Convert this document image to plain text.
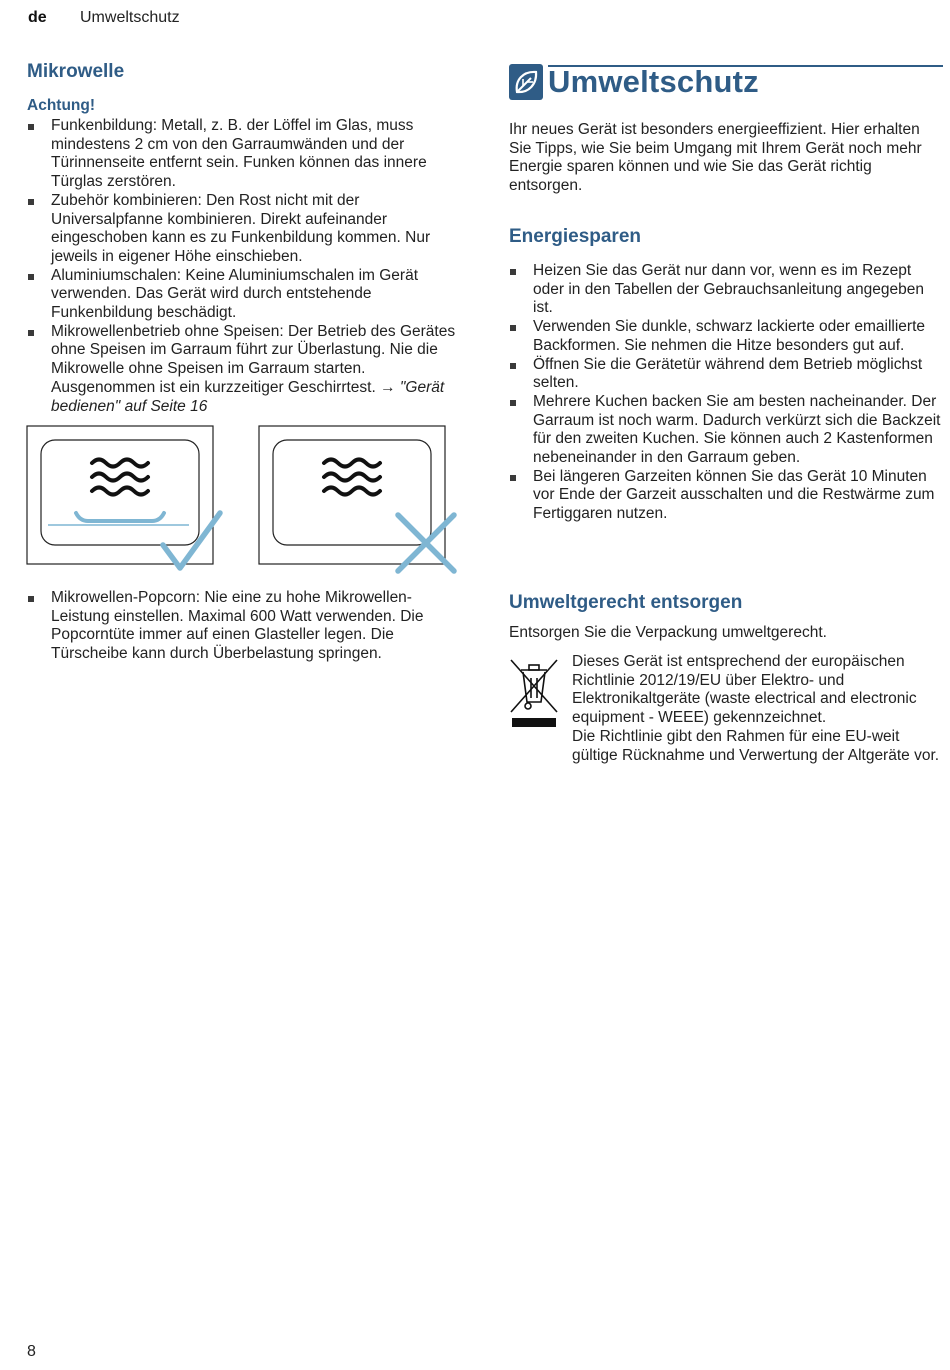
de Umweltschutz
Mikrowelle
Achtung!
Funkenbildung: Metall, z. B. der Löffel im Glas, muss mindestens 2 cm von den Garraumwänden und der Türinnenseite entfernt sein. Funken können das innere Türglas zerstören.
Zubehör kombinieren: Den Rost nicht mit der Universalpfanne kombinieren. Direkt aufeinander eingeschoben kann es zu Funkenbildung kommen. Nur jeweils in eigener Höhe einschieben.
Aluminiumschalen: Keine Aluminiumschalen im Gerät verwenden. Das Gerät wird durch entstehende Funkenbildung beschädigt.
Mikrowellenbetrieb ohne Speisen: Der Betrieb des Gerätes ohne Speisen im Garraum führt zur Überlastung. Nie die Mikrowelle ohne Speisen im Garraum starten. Ausgenommen ist ein kurzzeitiger Geschirrtest. → "Gerät bedienen" auf Seite 16
Mikrowellen-Popcorn: Nie eine zu hohe Mikrowellen-Leistung einstellen. Maximal 600 Watt verwenden. Die Popcorntüte immer auf einen Glasteller legen. Die Türscheibe kann durch Überbelastung springen.
Umweltschutz
Ihr neues Gerät ist besonders energieeffizient. Hier erhalten Sie Tipps, wie Sie beim Umgang mit Ihrem Gerät noch mehr Energie sparen können und wie Sie das Gerät richtig entsorgen.
Energiesparen
Heizen Sie das Gerät nur dann vor, wenn es im Rezept oder in den Tabellen der Gebrauchsanleitung angegeben ist.
Verwenden Sie dunkle, schwarz lackierte oder emaillierte Backformen. Sie nehmen die Hitze besonders gut auf.
Öffnen Sie die Gerätetür während dem Betrieb möglichst selten.
Mehrere Kuchen backen Sie am besten nacheinander. Der Garraum ist noch warm. Dadurch verkürzt sich die Backzeit für den zweiten Kuchen. Sie können auch 2 Kastenformen nebeneinander in den Garraum geben.
Bei längeren Garzeiten können Sie das Gerät 10 Minuten vor Ende der Garzeit ausschalten und die Restwärme zum Fertiggaren nutzen.
Umweltgerecht entsorgen
Entsorgen Sie die Verpackung umweltgerecht.
Dieses Gerät ist entsprechend der europäischen Richtlinie 2012/19/EU über Elektro- und Elektronikaltgeräte (waste electrical and electronic equipment - WEEE) gekennzeichnet.
Die Richtlinie gibt den Rahmen für eine EU-weit gültige Rücknahme und Verwertung der Altgeräte vor.
8
